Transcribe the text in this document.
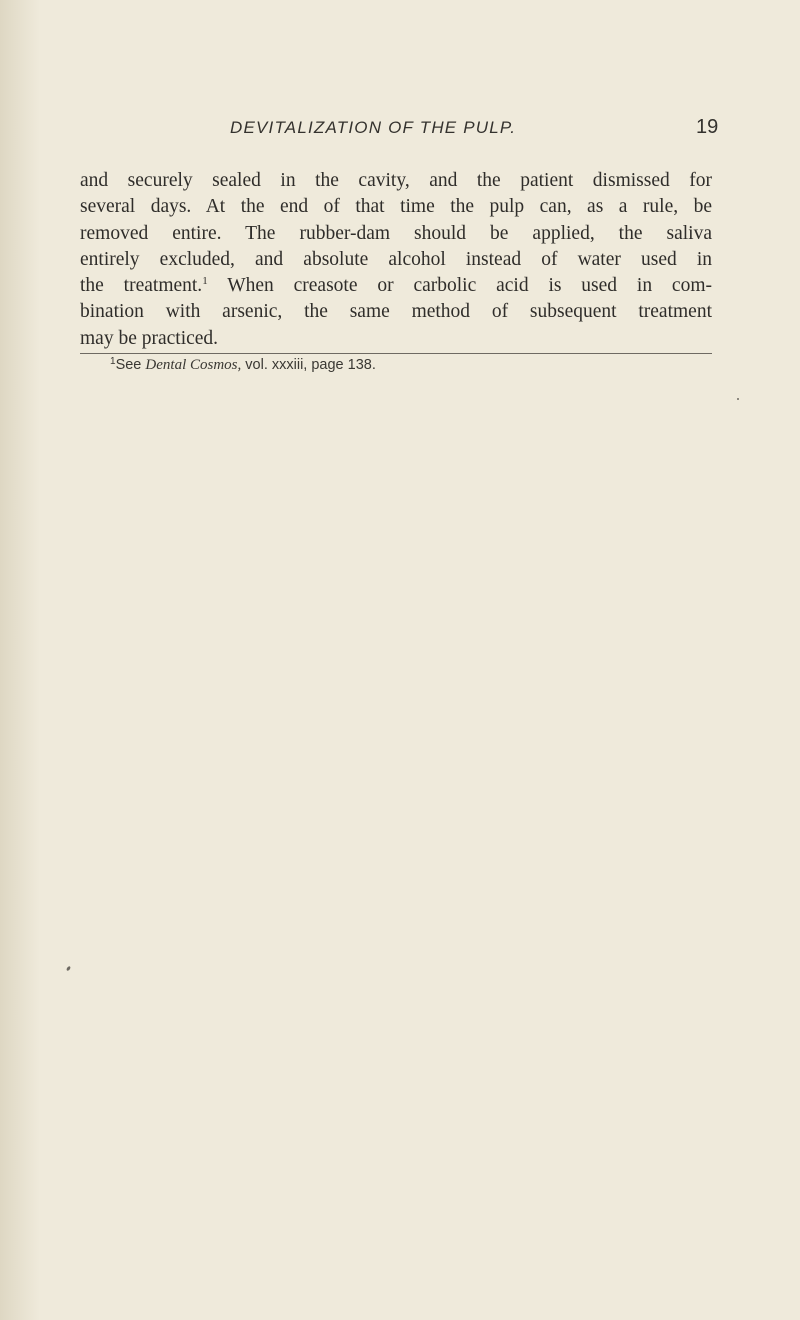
DEVITALIZATION OF THE PULP.	19
and securely sealed in the cavity, and the patient dismissed for
several days. At the end of that time the pulp can, as a rule, be
removed entire. The rubber-dam should be applied, the saliva
entirely excluded, and absolute alcohol instead of water used in
the treatment.$^1$ When creasote or carbolic acid is used in com-
bination with arsenic, the same method of subsequent treatment
may be practiced.
$^1$See Dental Cosmos, vol. xxxiii, page 138.
